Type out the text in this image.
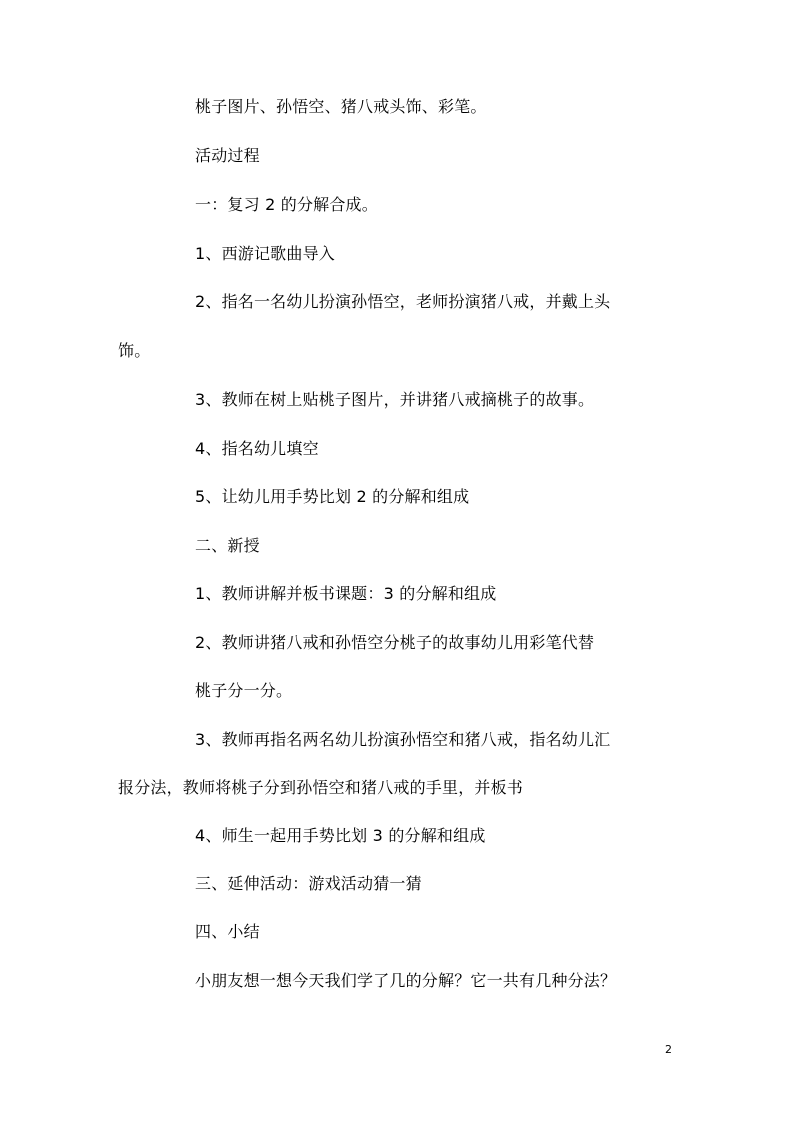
桃子图片、孙悟空、猪八戒头饰、彩笔。
活动过程
一：复习 2 的分解合成。
1、西游记歌曲导入
2、指名一名幼儿扮演孙悟空，老师扮演猪八戒，并戴上头
饰。
3、教师在树上贴桃子图片，并讲猪八戒摘桃子的故事。
4、指名幼儿填空
5、让幼儿用手势比划 2 的分解和组成
二、新授
1、教师讲解并板书课题：3 的分解和组成
2、教师讲猪八戒和孙悟空分桃子的故事幼儿用彩笔代替
桃子分一分。
3、教师再指名两名幼儿扮演孙悟空和猪八戒，指名幼儿汇
报分法，教师将桃子分到孙悟空和猪八戒的手里，并板书
4、师生一起用手势比划 3 的分解和组成
三、延伸活动：游戏活动猜一猜
四、小结
小朋友想一想今天我们学了几的分解？它一共有几种分法？
2
